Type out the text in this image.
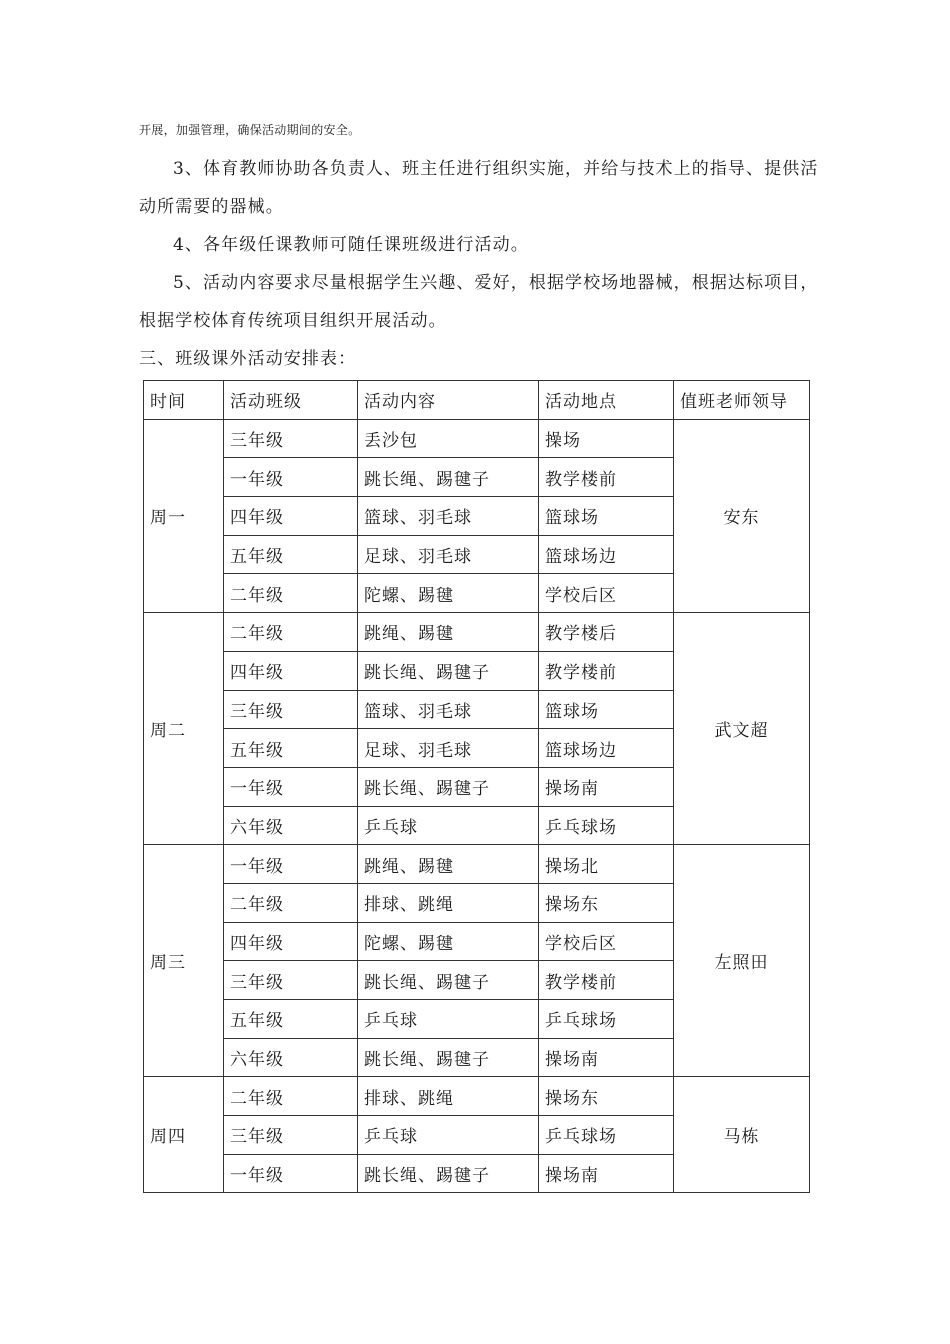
开展，加强管理，确保活动期间的安全。

3、体育教师协助各负责人、班主任进行组织实施，并给与技术上的指导、提供活动所需要的器械。

4、各年级任课教师可随任课班级进行活动。

5、活动内容要求尽量根据学生兴趣、爱好，根据学校场地器械，根据达标项目，根据学校体育传统项目组织开展活动。

三、班级课外活动安排表：
时间	活动班级	活动内容	活动地点	值班老师领导
周一	三年级	丢沙包	操场	安东
	一年级	跳长绳、踢毽子	教学楼前	
	四年级	篮球、羽毛球	篮球场	
	五年级	足球、羽毛球	篮球场边	
	二年级	陀螺、踢毽	学校后区	
周二	二年级	跳绳、踢毽	教学楼后	武文超
	四年级	跳长绳、踢毽子	教学楼前	
	三年级	篮球、羽毛球	篮球场	
	五年级	足球、羽毛球	篮球场边	
	一年级	跳长绳、踢毽子	操场南	
	六年级	乒乓球	乒乓球场	
周三	一年级	跳绳、踢毽	操场北	左照田
	二年级	排球、跳绳	操场东	
	四年级	陀螺、踢毽	学校后区	
	三年级	跳长绳、踢毽子	教学楼前	
	五年级	乒乓球	乒乓球场	
	六年级	跳长绳、踢毽子	操场南	
周四	二年级	排球、跳绳	操场东	马栋
	三年级	乒乓球	乒乓球场	
	一年级	跳长绳、踢毽子	操场南	
